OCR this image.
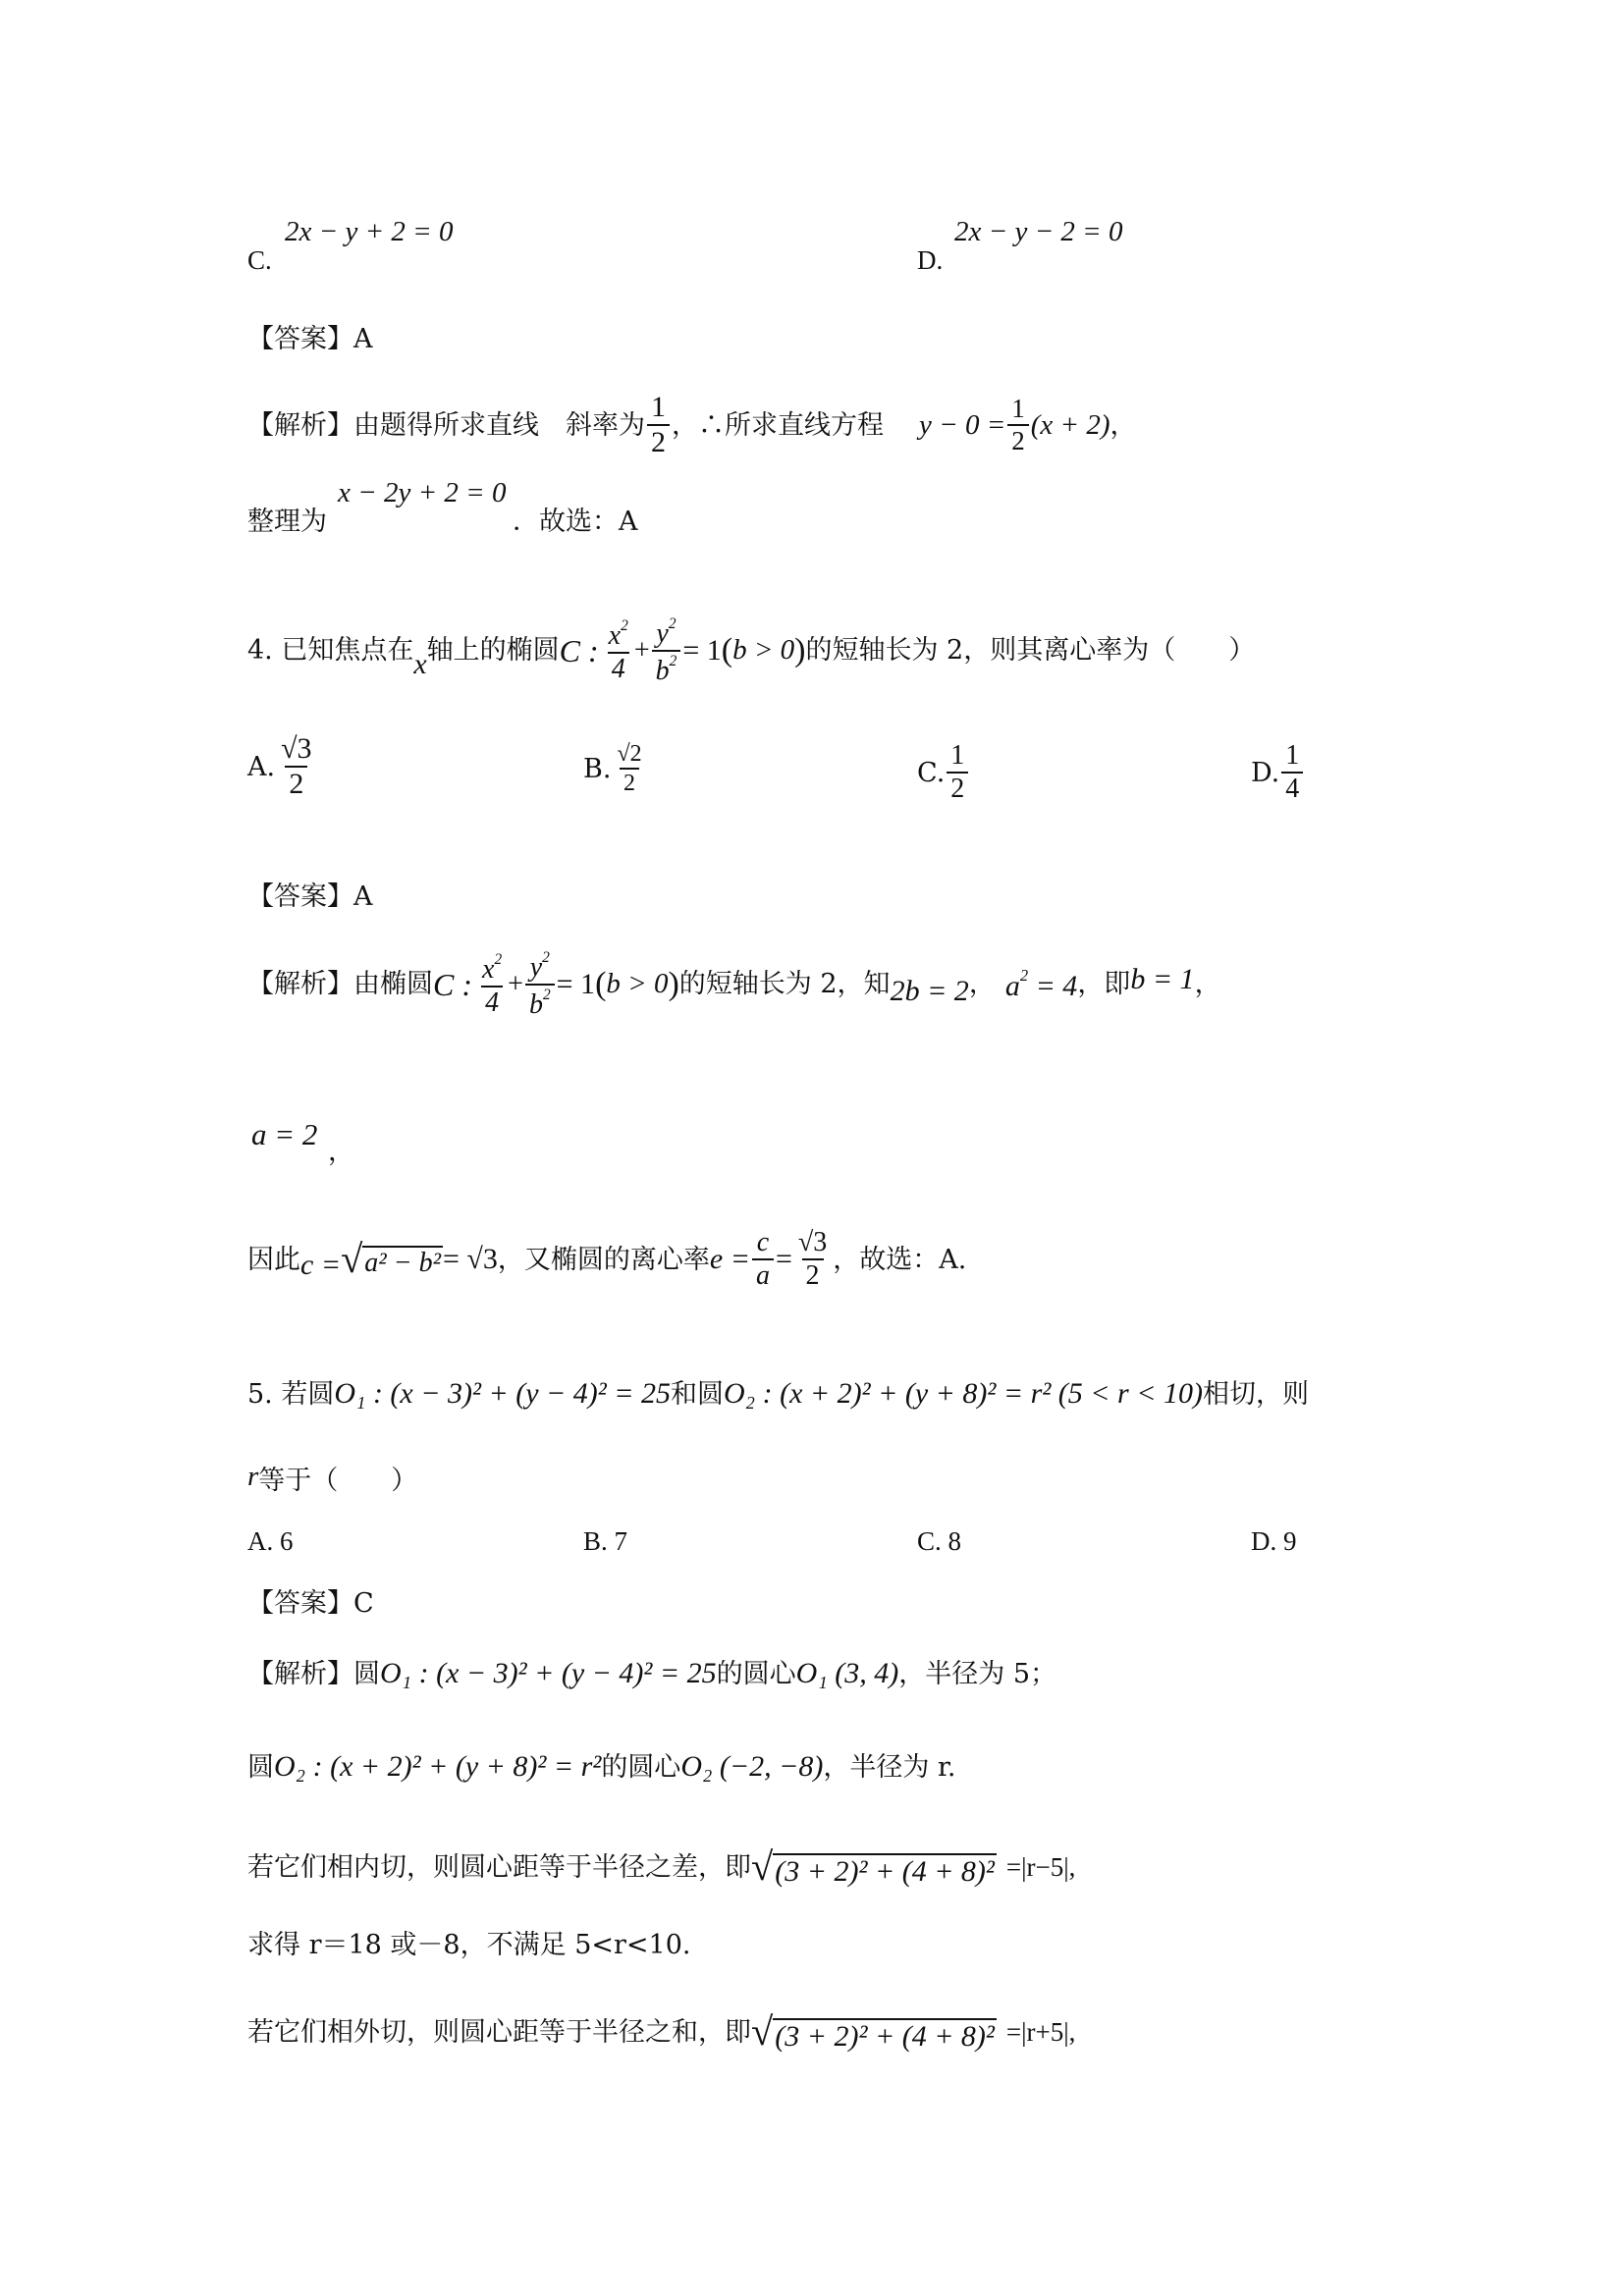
C.
2x − y + 2 = 0
D.
2x − y − 2 = 0
【答案】A
【解析】 由题得所求直线　斜率为 $\frac{1}{2}$ ，∴所求直线方程 $y - 0 = \frac{1}{2} (x + 2)$ ，
整理为
x − 2y + 2 = 0
．故选：A
4. 已知焦点在 x 轴上的椭圆 C : $\frac{x^2}{4} + \frac{y^2}{b^2} = 1$ ( b > 0 ) 的短轴长为 2，则其离心率为（　　）
A. $\frac{√3}{2}$	B. $\frac{√2}{2}$	C. $\frac{1}{2}$	D. $\frac{1}{4}$
【答案】A
【解析】 由椭圆 C : $\frac{x^2}{4} + \frac{y^2}{b^2} = 1$ ( b > 0 ) 的短轴长为 2，知 2b = 2 ， $a^2 = 4$ ，即 b = 1 ，
a = 2
，
因此 c = √ a² − b² = √3 ，又椭圆的离心率 $e = \frac{c}{a} = \frac{√3}{2}$ ，故选：A.
5. 若圆 O₁ : (x − 3)² + (y − 4)² = 25 和圆 O₂ : (x + 2)² + (y + 8)² = r² (5 < r < 10) 相切，则
r 等于（　　）
A. 6	B. 7	C. 8	D. 9
【答案】C
【解析】 圆 O₁ : (x − 3)² + (y − 4)² = 25 的圆心 O₁ (3, 4) ，半径为 5；
圆 O₂ : (x + 2)² + (y + 8)² = r² 的圆心 O₂ (−2, −8) ，半径为 r.
若它们相内切，则圆心距等于半径之差，即 √ (3 + 2)² + (4 + 8)² =|r−5|,
求得 r＝18 或－8，不满足 5<r<10.
若它们相外切，则圆心距等于半径之和，即 √ (3 + 2)² + (4 + 8)² =|r+5|,
